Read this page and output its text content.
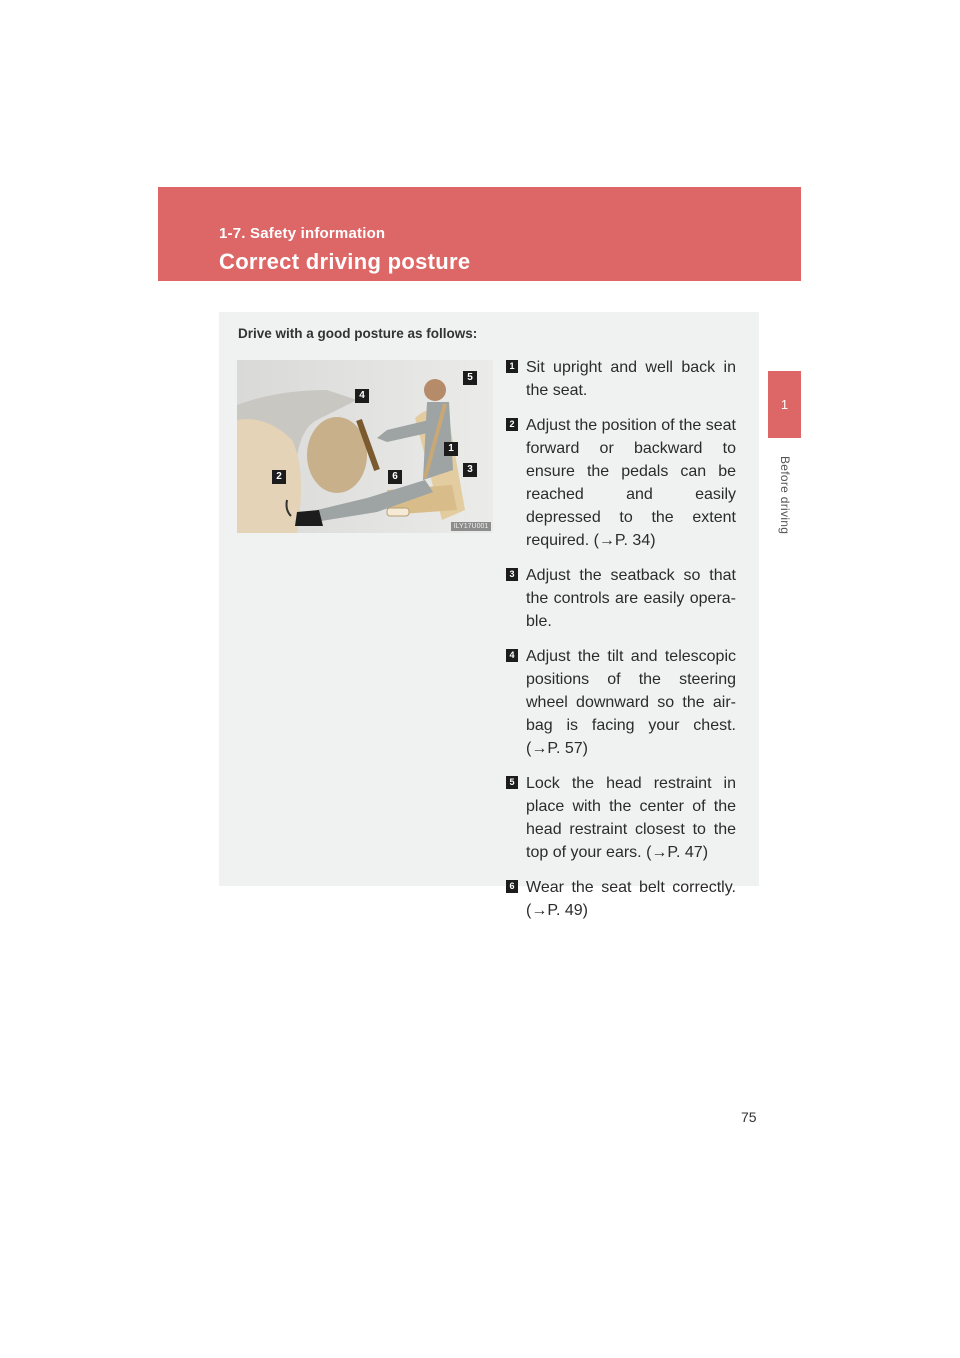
1-7. Safety information
Correct driving posture
1
Before driving
Drive with a good posture as follows:
5
4
1
3
6
2
ILY17U001
1 Sit upright and well back in the seat.
2 Adjust the position of the seat forward or backward to ensure the pedals can be reached and easily depressed to the extent required. (→P. 34)
3 Adjust the seatback so that the controls are easily opera-ble.
4 Adjust the tilt and telescopic positions of the steering wheel downward so the air-bag is facing your chest. (→P. 57)
5 Lock the head restraint in place with the center of the head restraint closest to the top of your ears. (→P. 47)
6 Wear the seat belt correctly. (→P. 49)
75
